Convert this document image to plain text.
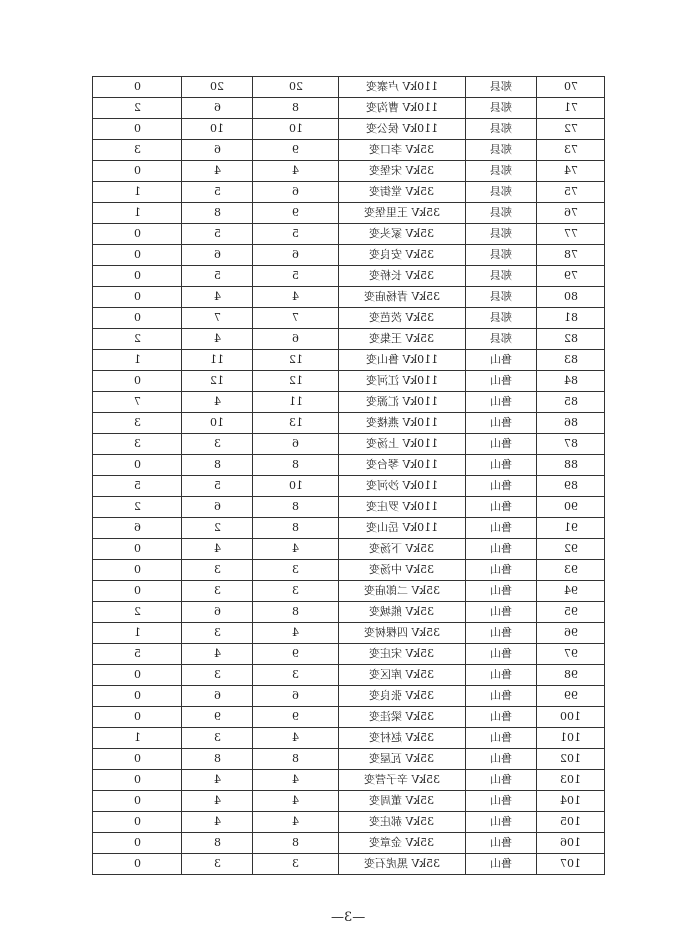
0	20	20	110kV 卢寨变	郏县	70
2	6	8	110kV 曹沟变	郏县	71
0	10	10	110kV 侯公变	郏县	72
3	6	9	35kV 李口变	郏县	73
0	4	4	35kV 宋堡变	郏县	74
1	5	6	35kV 堂街变	郏县	75
1	8	9	35kV 王里堡变	郏县	76
0	5	5	35kV 冢头变	郏县	77
0	6	6	35kV 安良变	郏县	78
0	5	5	35kV 长桥变	郏县	79
0	4	4	35kV 青杨庙变	郏县	80
0	7	7	35kV 茨芭变	郏县	81
2	4	6	35kV 王集变	郏县	82
1	11	12	110kV 鲁山变	鲁山	83
0	12	12	110kV 江河变	鲁山	84
7	4	11	110kV 汇源变	鲁山	85
3	10	13	110kV 燕楼变	鲁山	86
3	3	6	110kV 上汤变	鲁山	87
0	8	8	110kV 琴台变	鲁山	88
5	5	10	110kV 沙河变	鲁山	89
2	6	8	110kV 罗庄变	鲁山	90
6	2	8	110kV 岳山变	鲁山	91
0	4	4	35kV 下汤变	鲁山	92
0	3	3	35kV 中汤变	鲁山	93
0	3	3	35kV 二郎庙变	鲁山	94
2	6	8	35kV 熊城变	鲁山	95
1	3	4	35kV 四棵树变	鲁山	96
5	4	9	35kV 宋庄变	鲁山	97
0	3	3	35kV 库区变	鲁山	98
0	6	6	35kV 张良变	鲁山	99
0	9	9	35kV 梁洼变	鲁山	100
1	3	4	35kV 赵村变	鲁山	101
0	8	8	35kV 瓦屋变	鲁山	102
0	4	4	35kV 辛子营变	鲁山	103
0	4	4	35kV 董周变	鲁山	104
0	4	4	35kV 郝庄变	鲁山	105
0	8	8	35kV 金章变	鲁山	106
0	3	3	35kV 黑虎石变	鲁山	107
—3—
